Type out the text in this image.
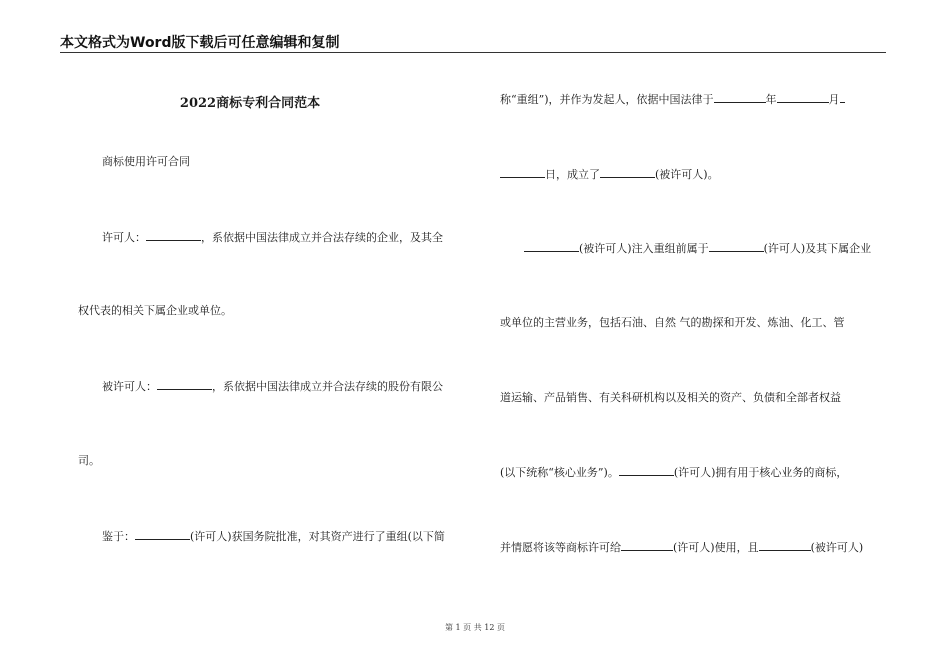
本文格式为Word版下载后可任意编辑和复制
2022商标专利合同范本
商标使用许可合同
许可人：	，系依据中国法律成立并合法存续的企业，及其全
权代表的相关下属企业或单位。
被许可人：	，系依据中国法律成立并合法存续的股份有限公
司。
鉴于：	(许可人)获国务院批准，对其资产进行了重组(以下简
称“重组”)，并作为发起人，依据中国法律于	年	月
日，成立了	(被许可人)。
(被许可人)注入重组前属于	(许可人)及其下属企业
或单位的主营业务，包括石油、自然 气的勘探和开发、炼油、化工、管
道运输、产品销售、有关科研机构以及相关的资产、负债和全部者权益
(以下统称“核心业务”)。	(许可人)拥有用于核心业务的商标，
并情愿将该等商标许可给	(许可人)使用，且	(被许可人)
第 1 页 共 12 页
